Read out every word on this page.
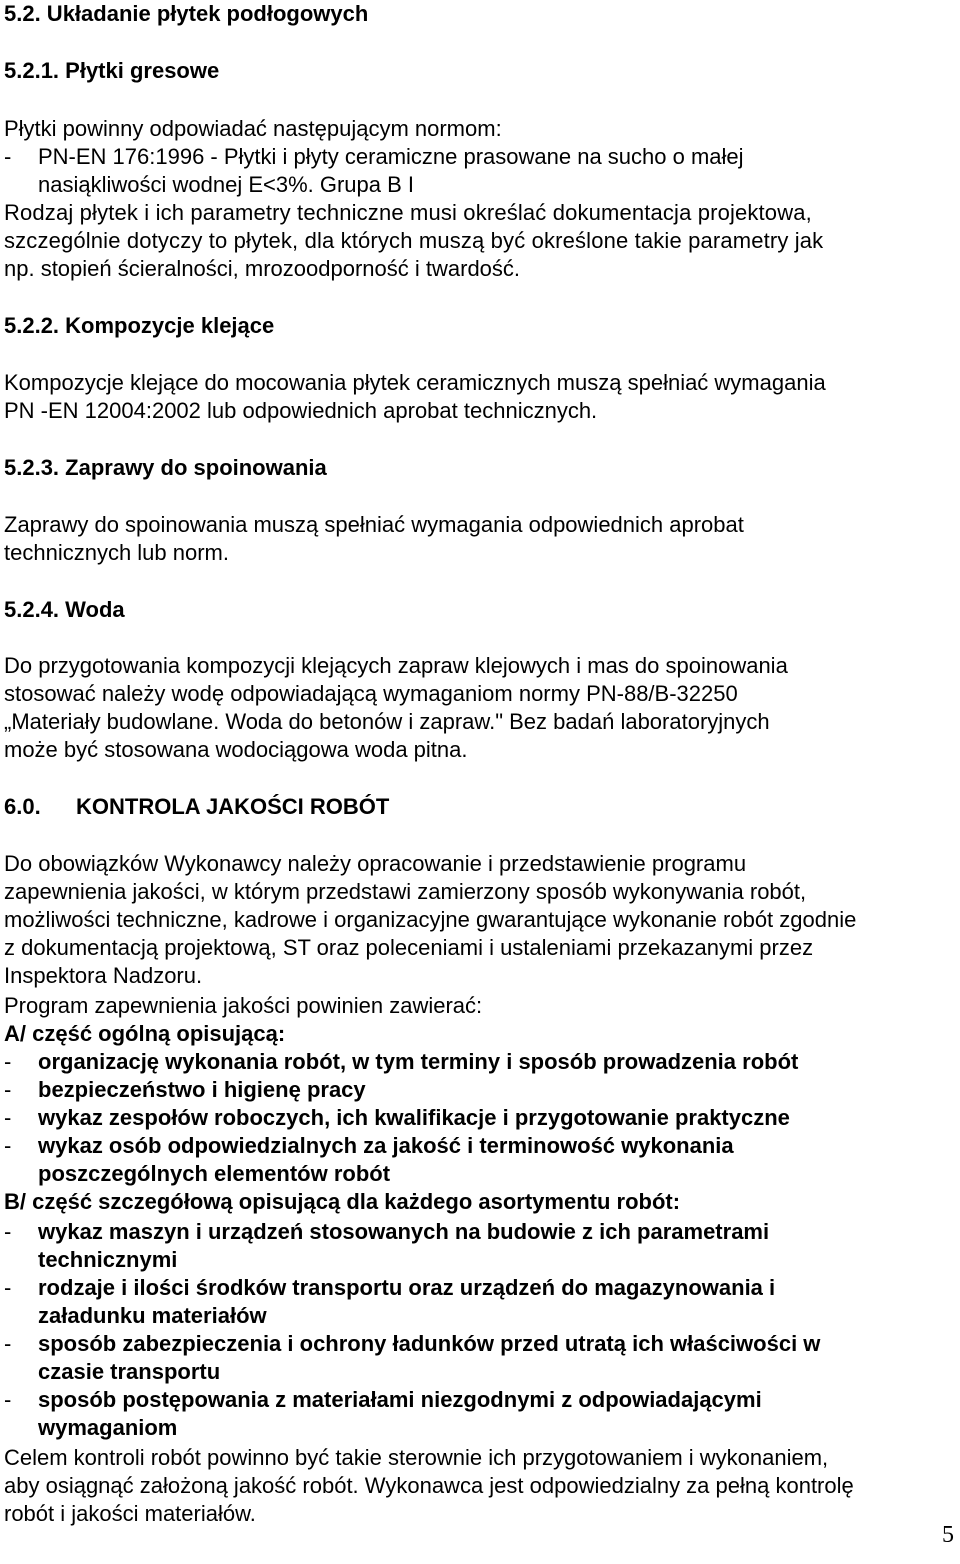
5.2. Układanie płytek podłogowych
5.2.1. Płytki gresowe
Płytki powinny odpowiadać następującym normom:
- PN-EN 176:1996 - Płytki i płyty ceramiczne prasowane na sucho o małej
nasiąkliwości wodnej E<3%. Grupa B I
Rodzaj płytek i ich parametry techniczne musi określać dokumentacja projektowa,
szczególnie dotyczy to płytek, dla których muszą być określone takie parametry jak
np. stopień ścieralności, mrozoodporność i twardość.
5.2.2. Kompozycje klejące
Kompozycje klejące do mocowania płytek ceramicznych muszą spełniać wymagania
PN -EN 12004:2002 lub odpowiednich aprobat technicznych.
5.2.3. Zaprawy do spoinowania
Zaprawy do spoinowania muszą spełniać wymagania odpowiednich aprobat
technicznych lub norm.
5.2.4. Woda
Do przygotowania kompozycji klejących zapraw klejowych i mas do spoinowania
stosować należy wodę odpowiadającą wymaganiom normy PN-88/B-32250
„Materiały budowlane. Woda do betonów i zapraw." Bez badań laboratoryjnych
może być stosowana wodociągowa woda pitna.
6.0. KONTROLA JAKOŚCI ROBÓT
Do obowiązków Wykonawcy należy opracowanie i przedstawienie programu
zapewnienia jakości, w którym przedstawi zamierzony sposób wykonywania robót,
możliwości techniczne, kadrowe i organizacyjne gwarantujące wykonanie robót zgodnie
z dokumentacją projektową, ST oraz poleceniami i ustaleniami przekazanymi przez
Inspektora Nadzoru.
Program zapewnienia jakości powinien zawierać:
A/ część ogólną opisującą:
- organizację wykonania robót, w tym terminy i sposób prowadzenia robót
- bezpieczeństwo i higienę pracy
- wykaz zespołów roboczych, ich kwalifikacje i przygotowanie praktyczne
- wykaz osób odpowiedzialnych za jakość i terminowość wykonania
poszczególnych elementów robót
B/ część szczegółową opisującą dla każdego asortymentu robót:
- wykaz maszyn i urządzeń stosowanych na budowie z ich parametrami
technicznymi
- rodzaje i ilości środków transportu oraz urządzeń do magazynowania i
załadunku materiałów
- sposób zabezpieczenia i ochrony ładunków przed utratą ich właściwości w
czasie transportu
- sposób postępowania z materiałami niezgodnymi z odpowiadającymi
wymaganiom
Celem kontroli robót powinno być takie sterownie ich przygotowaniem i wykonaniem,
aby osiągnąć założoną jakość robót. Wykonawca jest odpowiedzialny za pełną kontrolę
robót i jakości materiałów.
5
